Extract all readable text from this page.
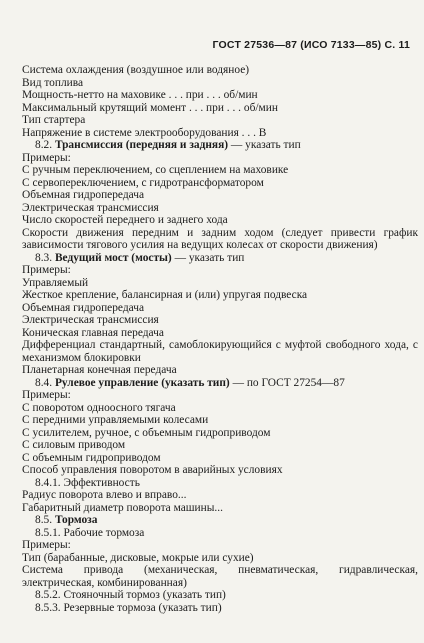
ГОСТ 27536—87 (ИСО 7133—85) С. 11
Система охлаждения (воздушное или водяное)
Вид топлива
Мощность-нетто на маховике . . . при . . . об/мин
Максимальный крутящий момент . . . при . . . об/мин
Тип стартера
Напряжение в системе электрооборудования . . . В
8.2. Трансмиссия (передняя и задняя) — указать тип
Примеры:
С ручным переключением, со сцеплением на маховике
С сервопереключением, с гидротрансформатором
Объемная гидропередача
Электрическая трансмиссия
Число скоростей переднего и заднего хода
Скорости движения передним и задним ходом (следует привести график зависимости тягового усилия на ведущих колесах от скорости движения)
8.3. Ведущий мост (мосты) — указать тип
Примеры:
Управляемый
Жесткое крепление, балансирная и (или) упругая подвеска
Объемная гидропередача
Электрическая трансмиссия
Коническая главная передача
Дифференциал стандартный, самоблокирующийся с муфтой свободного хода, с механизмом блокировки
Планетарная конечная передача
8.4. Рулевое управление (указать тип) — по ГОСТ 27254—87
Примеры:
С поворотом одноосного тягача
С передними управляемыми колесами
С усилителем, ручное, с объемным гидроприводом
С силовым приводом
С объемным гидроприводом
Способ управления поворотом в аварийных условиях
8.4.1. Эффективность
Радиус поворота влево и вправо...
Габаритный диаметр поворота машины...
8.5. Тормоза
8.5.1. Рабочие тормоза
Примеры:
Тип (барабанные, дисковые, мокрые или сухие)
Система привода (механическая, пневматическая, гидравлическая, электрическая, комбинированная)
8.5.2. Стояночный тормоз (указать тип)
8.5.3. Резервные тормоза (указать тип)
